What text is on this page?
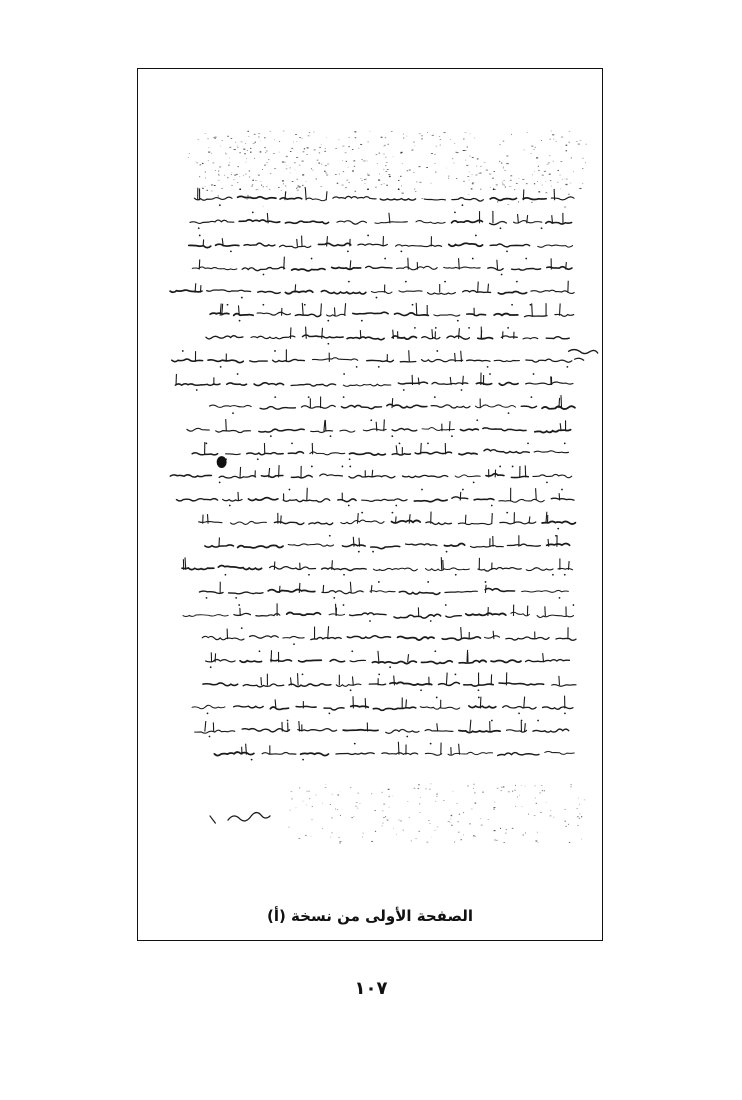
الصفحة الأولى من نسخة (أ)
١٠٧
